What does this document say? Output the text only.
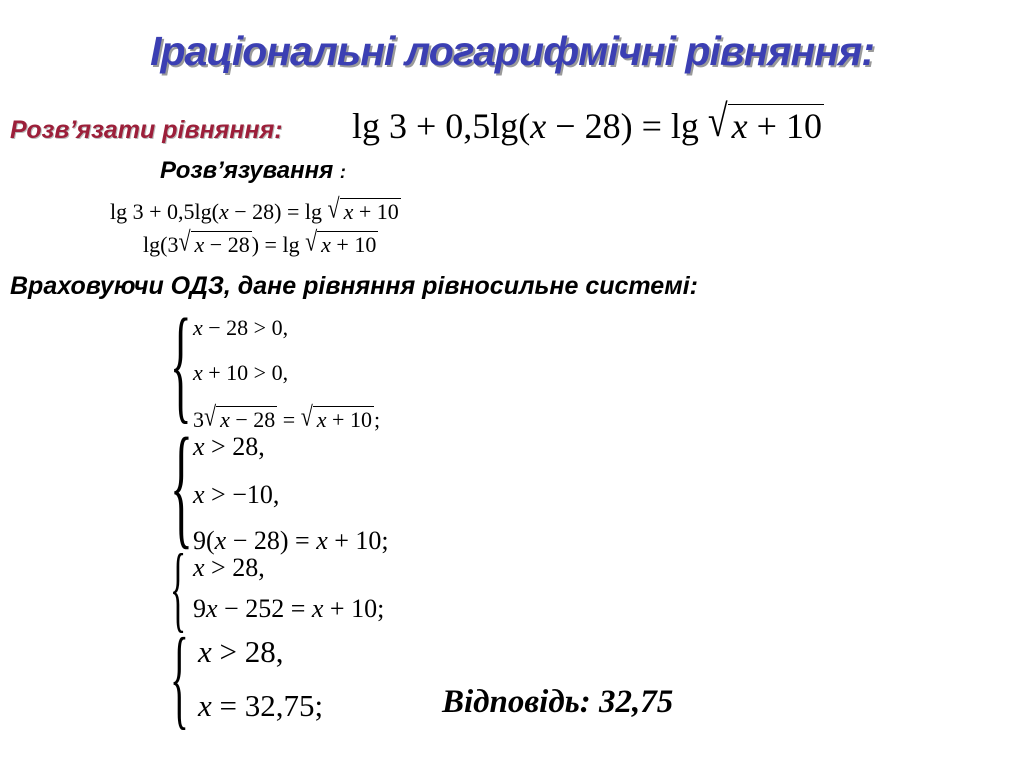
Іраціональні логарифмічні рівняння:
Розв’язати рівняння: lg 3 + 0,5lg(x − 28) = lg √ x + 10
Розв’язування :
lg 3 + 0,5lg(x − 28) = lg √ x + 10
lg(3√ x − 28) = lg √ x + 10
Враховуючи ОДЗ, дане рівняння рівносильне системі:
{ x − 28 > 0,
x + 10 > 0,
3√ x − 28 = √ x + 10;
{ x > 28,
x > −10,
9(x − 28) = x + 10;
{ x > 28,
9x − 252 = x + 10;
{ x > 28,
x = 32,75;	Відповідь: 32,75
